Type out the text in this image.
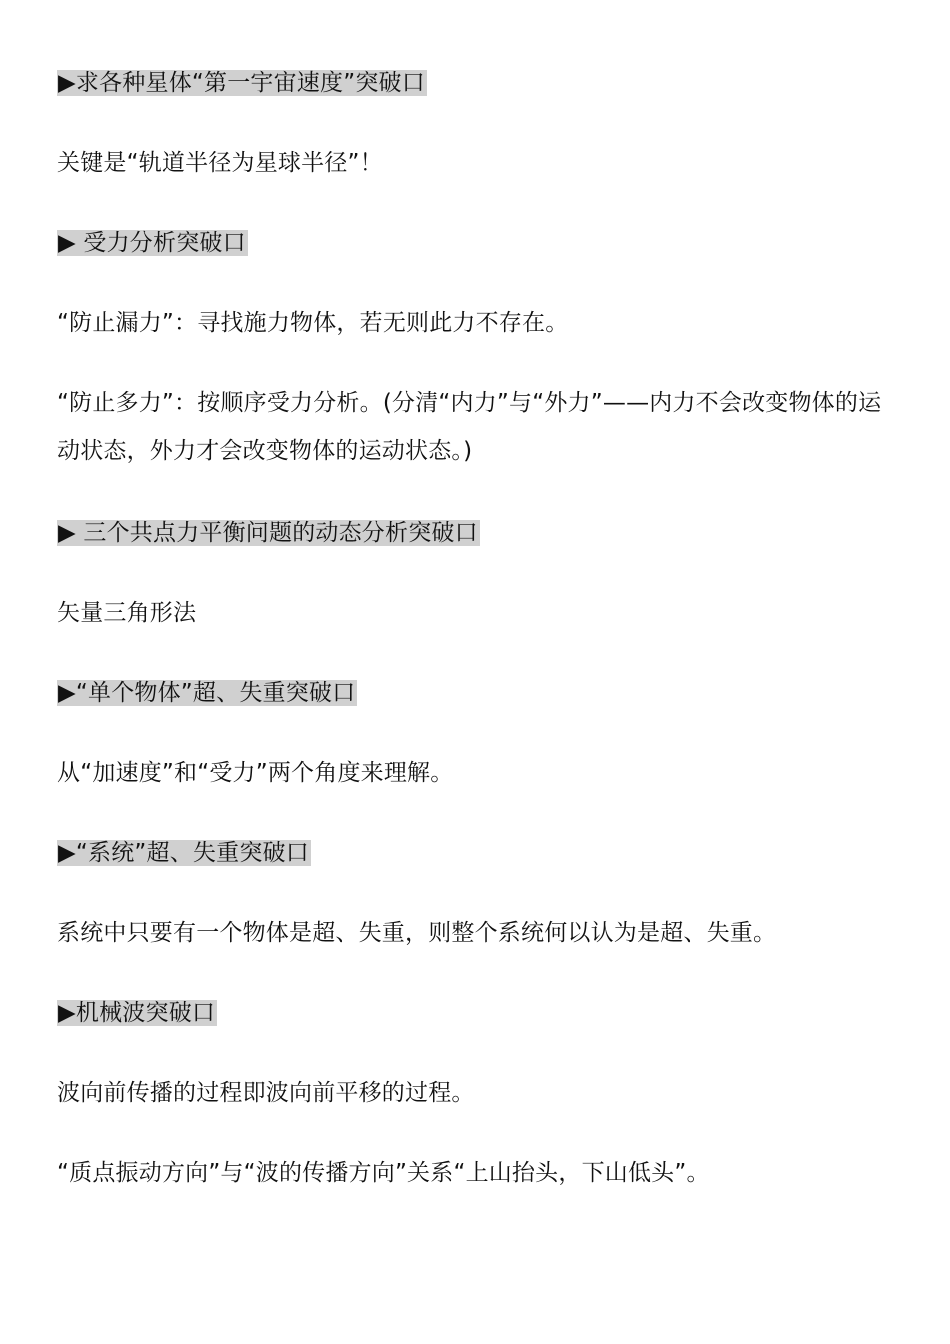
▶求各种星体“第一宇宙速度”突破口
关键是“轨道半径为星球半径”！
▶ 受力分析突破口
“防止漏力”：寻找施力物体，若无则此力不存在。
“防止多力”：按顺序受力分析。(分清“内力”与“外力”——内力不会改变物体的运动状态，外力才会改变物体的运动状态。)
▶ 三个共点力平衡问题的动态分析突破口
矢量三角形法
▶“单个物体”超、失重突破口
从“加速度”和“受力”两个角度来理解。
▶“系统”超、失重突破口
系统中只要有一个物体是超、失重，则整个系统何以认为是超、失重。
▶机械波突破口
波向前传播的过程即波向前平移的过程。
“质点振动方向”与“波的传播方向”关系“上山抬头，下山低头”。
